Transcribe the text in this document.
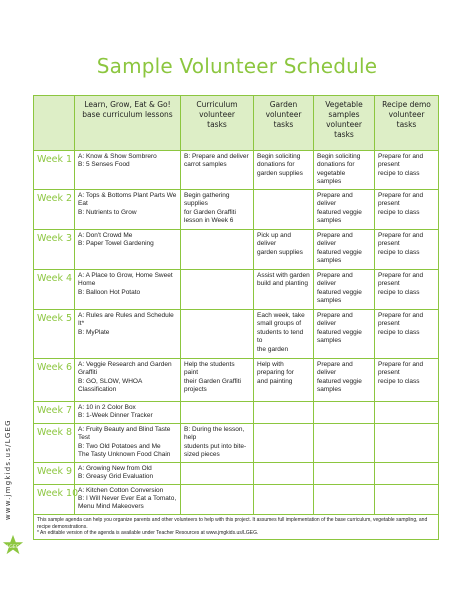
Sample Volunteer Schedule
www.jmgkids.us/LGEG
LGEG
	Learn, Grow, Eat & Go!
base curriculum lessons	Curriculum
volunteer
tasks	Garden
volunteer
tasks	Vegetable
samples
volunteer tasks	Recipe demo
volunteer
tasks
Week 1	A: Know & Show Sombrero
B: 5 Senses Food	B: Prepare and deliver
carrot samples	Begin soliciting
donations for
garden supplies	Begin soliciting
donations for
vegetable samples	Prepare for and present
recipe to class
Week 2	A: Tops & Bottoms Plant Parts We Eat
B: Nutrients to Grow	Begin gathering supplies
for Garden Graffiti
lesson in Week 6		Prepare and deliver
featured veggie
samples	Prepare for and present
recipe to class
Week 3	A: Don't Crowd Me
B: Paper Towel Gardening		Pick up and deliver
garden supplies	Prepare and deliver
featured veggie
samples	Prepare for and present
recipe to class
Week 4	A: A Place to Grow, Home Sweet Home
B: Balloon Hot Potato		Assist with garden
build and planting	Prepare and deliver
featured veggie
samples	Prepare for and present
recipe to class
Week 5	A: Rules are Rules and Schedule It*
B: MyPlate		Each week, take
small groups of
students to tend to
the garden	Prepare and deliver
featured veggie
samples	Prepare for and present
recipe to class
Week 6	A: Veggie Research and Garden Graffiti
B: GO, SLOW, WHOA Classification	Help the students paint
their Garden Graffiti
projects	Help with
preparing for
and painting	Prepare and deliver
featured veggie
samples	Prepare for and present
recipe to class
Week 7	A: 10 in 2 Color Box
B: 1-Week Dinner Tracker				
Week 8	A: Fruity Beauty and Blind Taste Test
B: Two Old Potatoes and Me
The Tasty Unknown Food Chain	B: During the lesson, help
students put into bite-
sized pieces			
Week 9	A: Growing New from Old
B: Greasy Grid Evaluation				
Week 10	A: Kitchen Cotton Conversion
B: I Will Never Ever Eat a Tomato,
Menu Mind Makeovers				
This sample agenda can help you organize parents and other volunteers to help with this project. It assumes full implementation of the base curriculum, vegetable sampling, and recipe demonstrations.
* An editable version of the agenda is available under Teacher Resources at www.jmgkids.us/LGEG.					
